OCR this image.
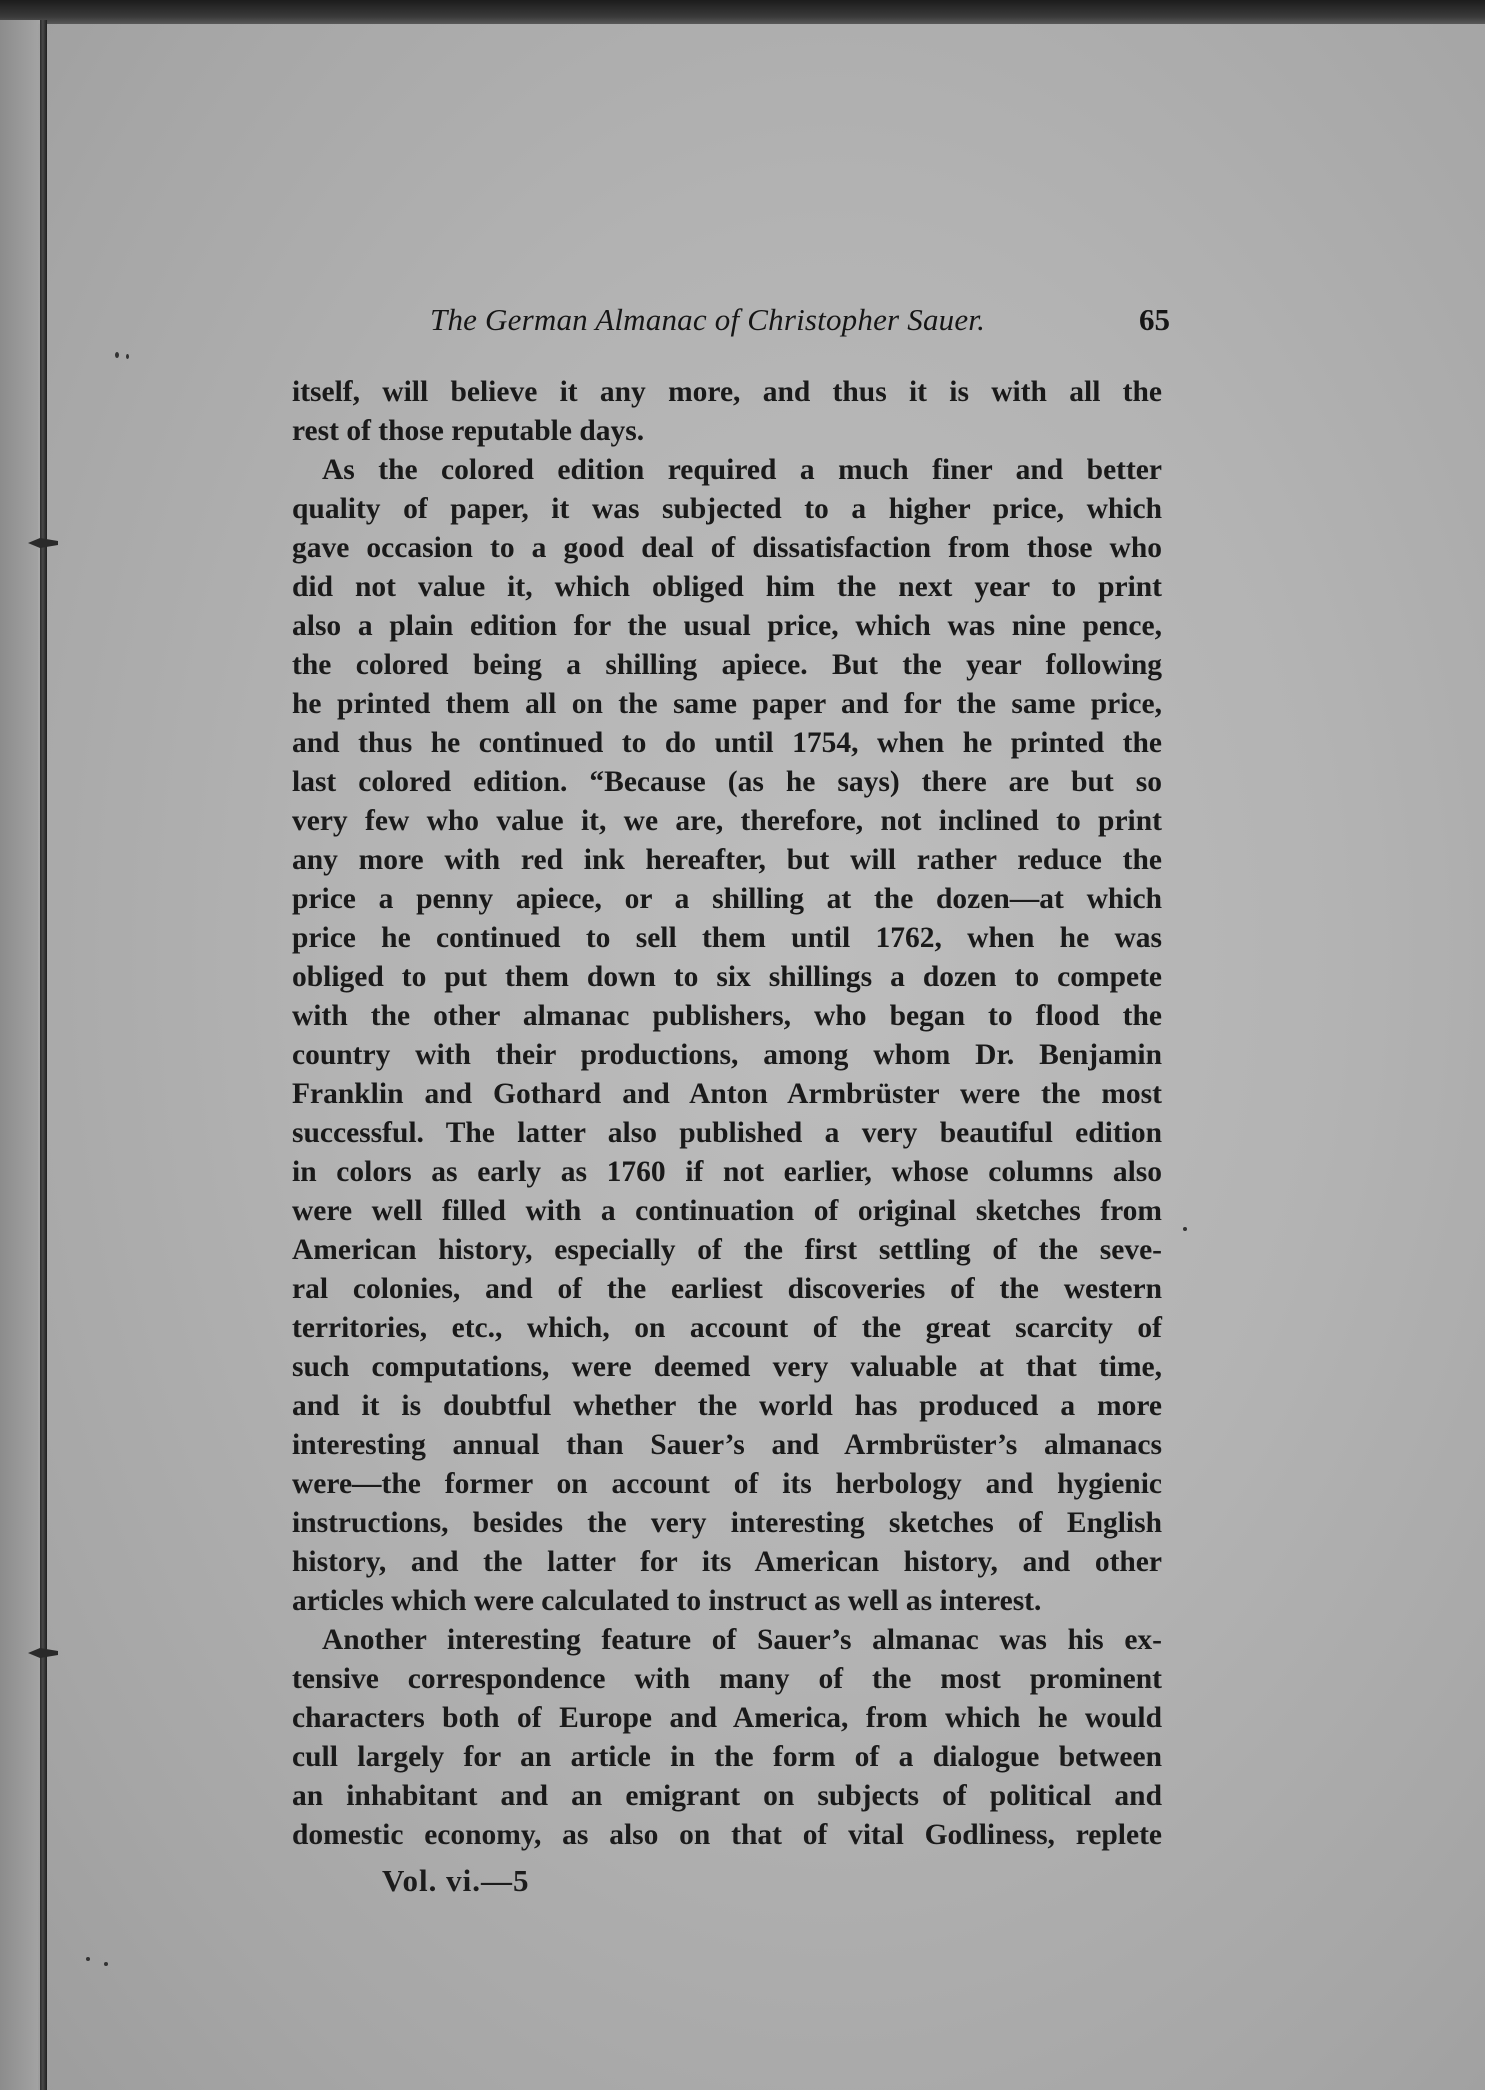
The German Almanac of Christopher Sauer.	65
itself, will believe it any more, and thus it is with all the
rest of those reputable days.
As the colored edition required a much finer and better
quality of paper, it was subjected to a higher price, which
gave occasion to a good deal of dissatisfaction from those who
did not value it, which obliged him the next year to print
also a plain edition for the usual price, which was nine pence,
the colored being a shilling apiece. But the year following
he printed them all on the same paper and for the same price,
and thus he continued to do until 1754, when he printed the
last colored edition. “Because (as he says) there are but so
very few who value it, we are, therefore, not inclined to print
any more with red ink hereafter, but will rather reduce the
price a penny apiece, or a shilling at the dozen—at which
price he continued to sell them until 1762, when he was
obliged to put them down to six shillings a dozen to compete
with the other almanac publishers, who began to flood the
country with their productions, among whom Dr. Benjamin
Franklin and Gothard and Anton Armbrüster were the most
successful. The latter also published a very beautiful edition
in colors as early as 1760 if not earlier, whose columns also
were well filled with a continuation of original sketches from
American history, especially of the first settling of the seve-
ral colonies, and of the earliest discoveries of the western
territories, etc., which, on account of the great scarcity of
such computations, were deemed very valuable at that time,
and it is doubtful whether the world has produced a more
interesting annual than Sauer’s and Armbrüster’s almanacs
were—the former on account of its herbology and hygienic
instructions, besides the very interesting sketches of English
history, and the latter for its American history, and other
articles which were calculated to instruct as well as interest.
Another interesting feature of Sauer’s almanac was his ex-
tensive correspondence with many of the most prominent
characters both of Europe and America, from which he would
cull largely for an article in the form of a dialogue between
an inhabitant and an emigrant on subjects of political and
domestic economy, as also on that of vital Godliness, replete
Vol. vi.—5
